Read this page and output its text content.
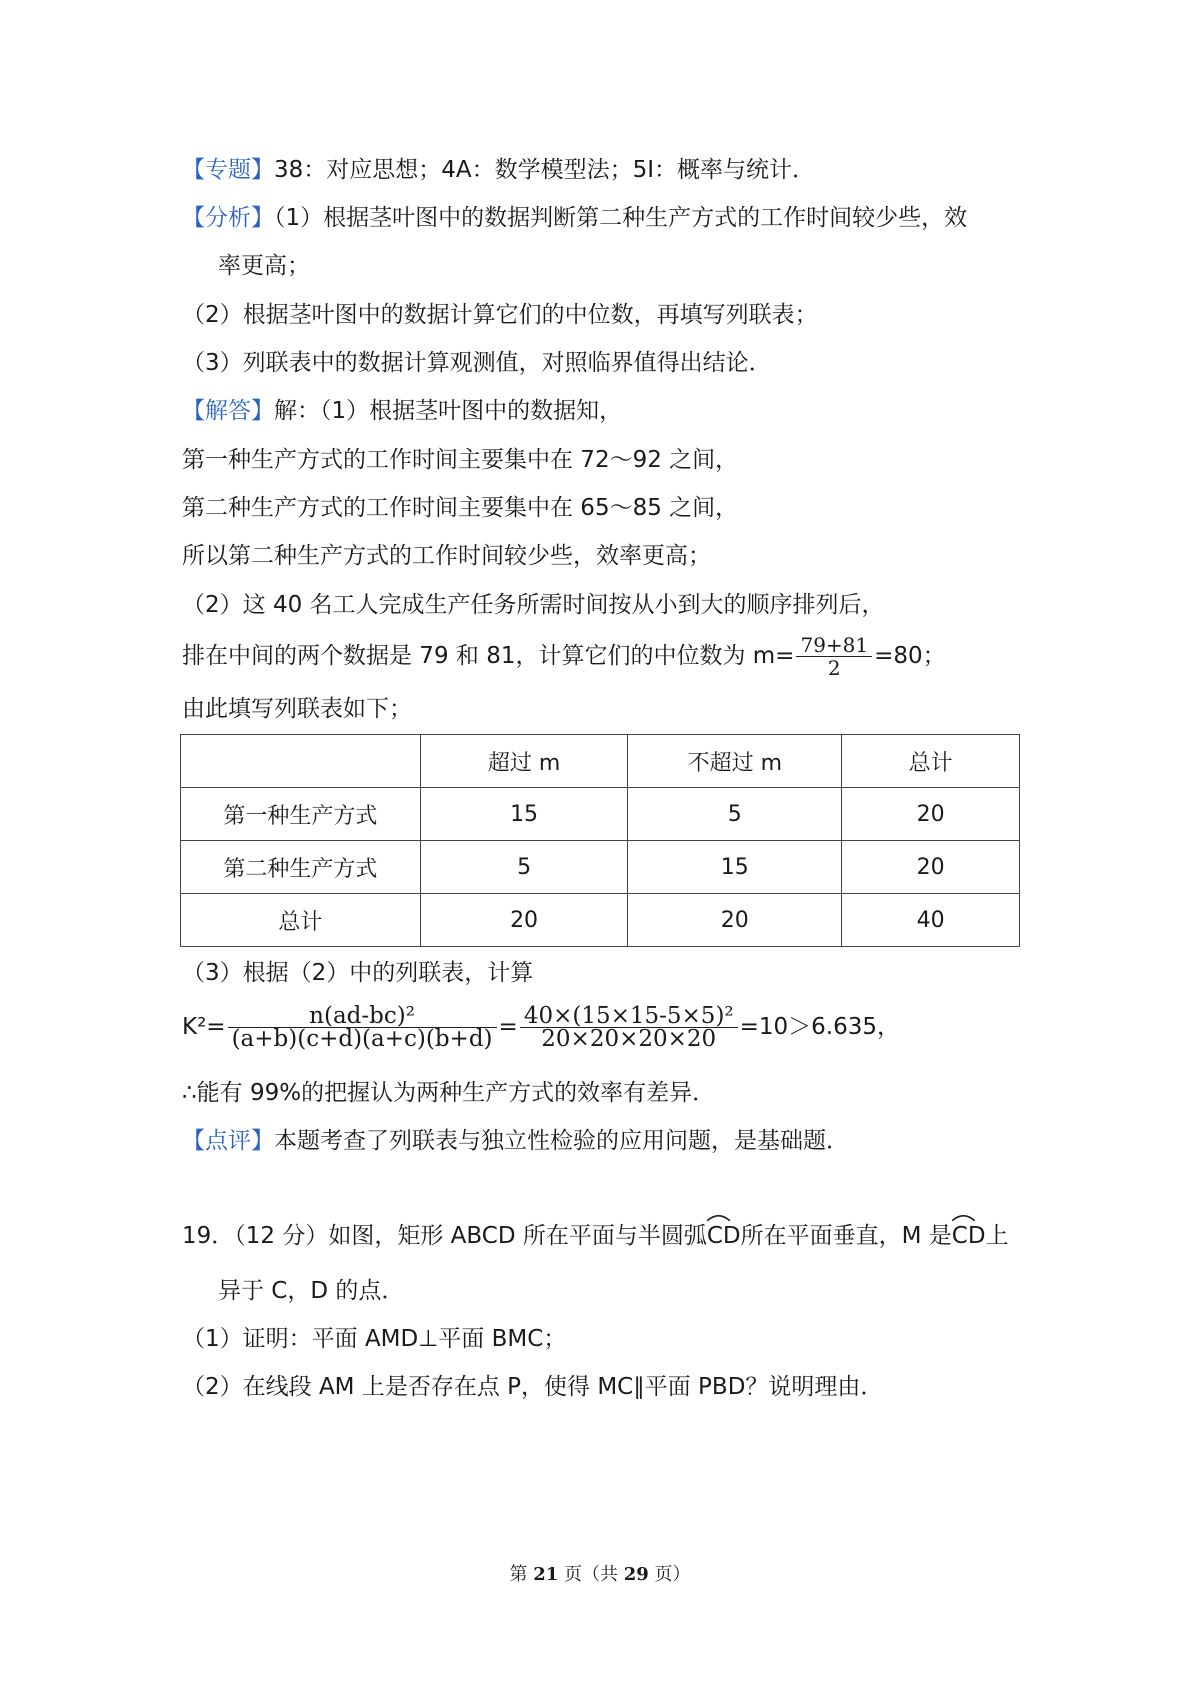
【专题】38：对应思想；4A：数学模型法；5I：概率与统计．
【分析】（1）根据茎叶图中的数据判断第二种生产方式的工作时间较少些，效
率更高；
（2）根据茎叶图中的数据计算它们的中位数，再填写列联表；
（3）列联表中的数据计算观测值，对照临界值得出结论．
【解答】解：（1）根据茎叶图中的数据知，
第一种生产方式的工作时间主要集中在 72～92 之间，
第二种生产方式的工作时间主要集中在 65～85 之间，
所以第二种生产方式的工作时间较少些，效率更高；
（2）这 40 名工人完成生产任务所需时间按从小到大的顺序排列后，
排在中间的两个数据是 79 和 81，计算它们的中位数为 $m= \frac{79+81}{2} =80$；
由此填写列联表如下；
	超过 m	不超过 m	总计
第一种生产方式	15	5	20
第二种生产方式	5	15	20
总计	20	20	40
（3）根据（2）中的列联表，计算
$K^2= \frac{\text{n(ad-bc)²}}{(a+b)(c+d)(a+c)(b+d)} = \frac{\text{40×(15×15-5×5)²}}{20\times 20\times 20\times 20} =10>6.635$，
∴能有 99%的把握认为两种生产方式的效率有差异．
【点评】本题考查了列联表与独立性检验的应用问题，是基础题．
19．（12 分）如图，矩形 ABCD 所在平面与半圆弧
CD所在平面垂直，M 是
CD上
异于 C，D 的点．
（1）证明：平面 AMD⊥平面 BMC；
（2）在线段 AM 上是否存在点 P，使得 MC∥平面 PBD？说明理由．
第 21 页（共 29 页）
